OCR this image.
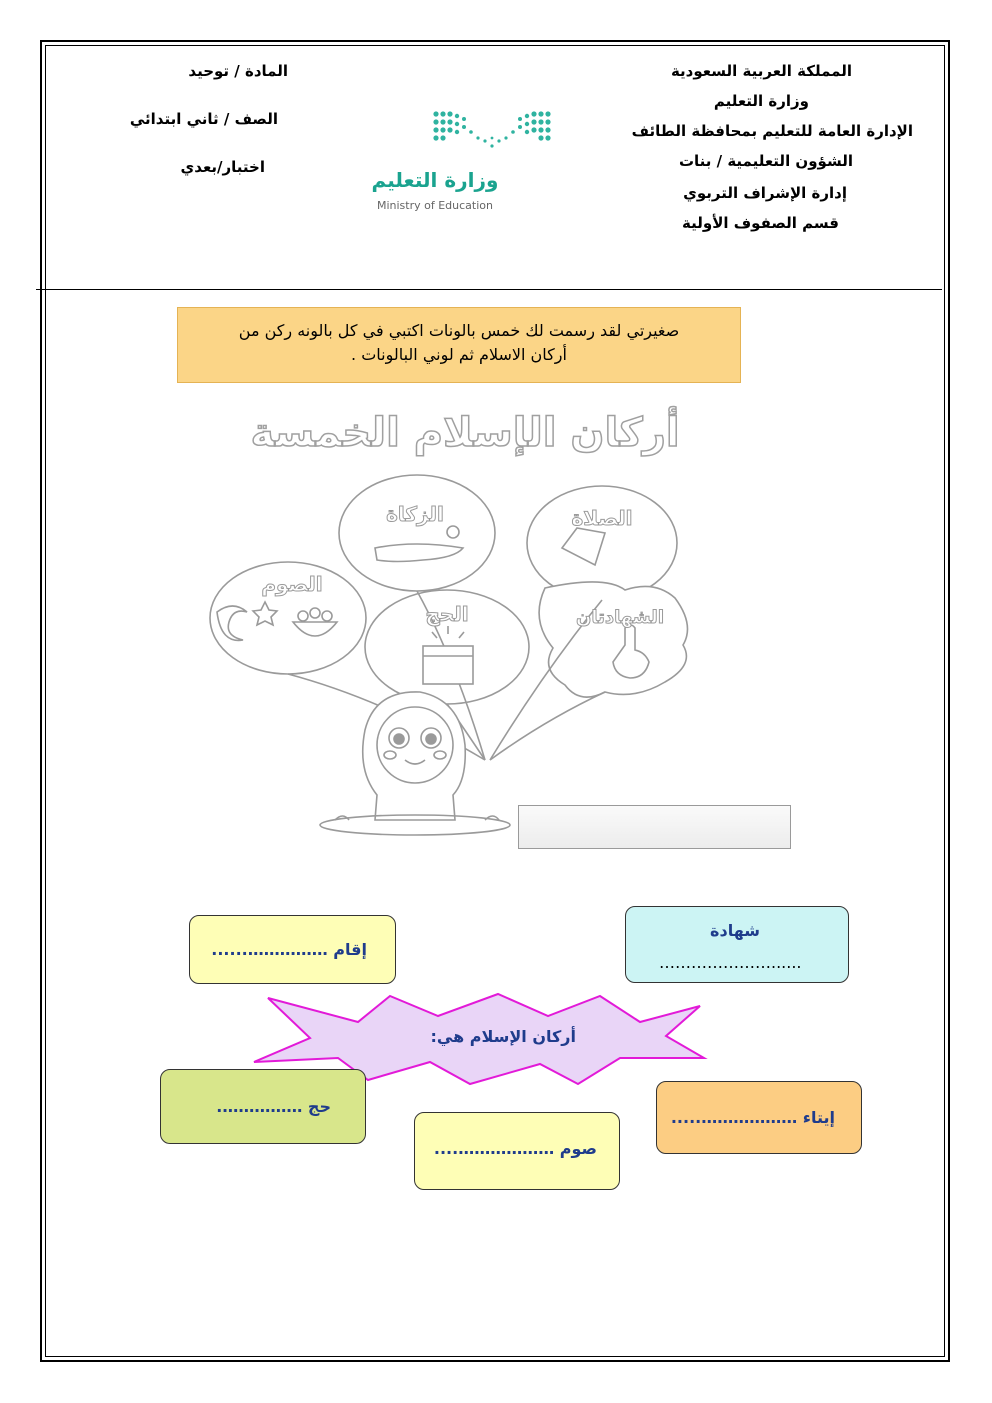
المملكة العربية السعودية
وزارة التعليم
الإدارة العامة للتعليم بمحافظة الطائف
الشؤون التعليمية / بنات
إدارة الإشراف التربوي
قسم الصفوف الأولية
المادة / توحيد
الصف / ثاني ابتدائي
اختبار/بعدي
وزارة التعليم
Ministry of Education
صغيرتي لقد رسمت لك خمس بالونات اكتبي في كل بالونه ركن من
أركان الاسلام ثم لوني البالونات .
أركان الإسلام الخمسة
الزكاة	الصلاة
الصوم
الحج	الشهادتان
شهادة
…………………......
إقام ……………......
أركان الإسلام هي:
حج …………….
إيتاء ……………….....
صوم ………………....
